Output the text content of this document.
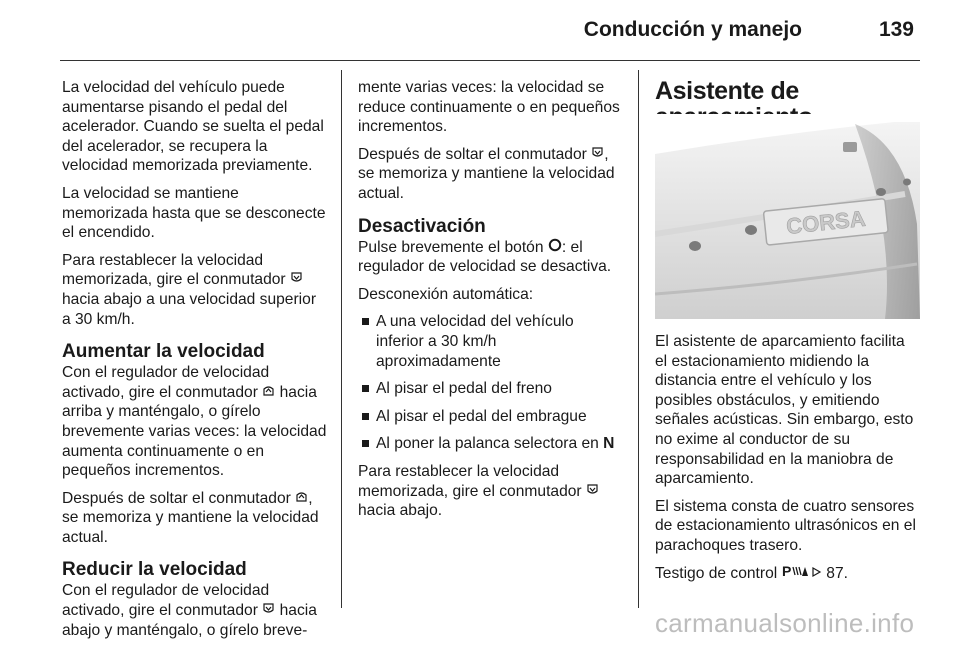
Conducción y manejo	139

La velocidad del vehículo puede aumentarse pisando el pedal del acelerador. Cuando se suelta el pedal del acelerador, se recupera la velocidad memorizada previamente.

La velocidad se mantiene memorizada hasta que se desconecte el encendido.

Para restablecer la velocidad memorizada, gire el conmutador  hacia abajo a una velocidad superior a 30 km/h.

Aumentar la velocidad

Con el regulador de velocidad activado, gire el conmutador hacia arriba y manténgalo, o gírelo brevemente varias veces: la velocidad aumenta continuamente o en pequeños incrementos.

Después de soltar el conmutador , se memoriza y mantiene la velocidad actual.

Reducir la velocidad

Con el regulador de velocidad activado, gire el conmutador hacia abajo y manténgalo, o gírelo breve-

mente varias veces: la velocidad se reduce continuamente o en pequeños incrementos.

Después de soltar el conmutador , se memoriza y mantiene la velocidad actual.

Desactivación

Pulse brevemente el botón : el regulador de velocidad se desactiva.

Desconexión automática:

A una velocidad del vehículo inferior a 30 km/h aproximadamente
Al pisar el pedal del freno
Al pisar el pedal del embrague
Al poner la palanca selectora en N

Para restablecer la velocidad memorizada, gire el conmutador  hacia abajo.

Asistente de
CORSA

El asistente de aparcamiento facilita el estacionamiento midiendo la distancia entre el vehículo y los posibles obstáculos, y emitiendo señales acústicas. Sin embargo, esto no exime al conductor de su responsabilidad en la maniobra de aparcamiento.

El sistema consta de cuatro sensores de estacionamiento ultrasónicos en el parachoques trasero.

Testigo de control P 87.

carmanualsonline.info
